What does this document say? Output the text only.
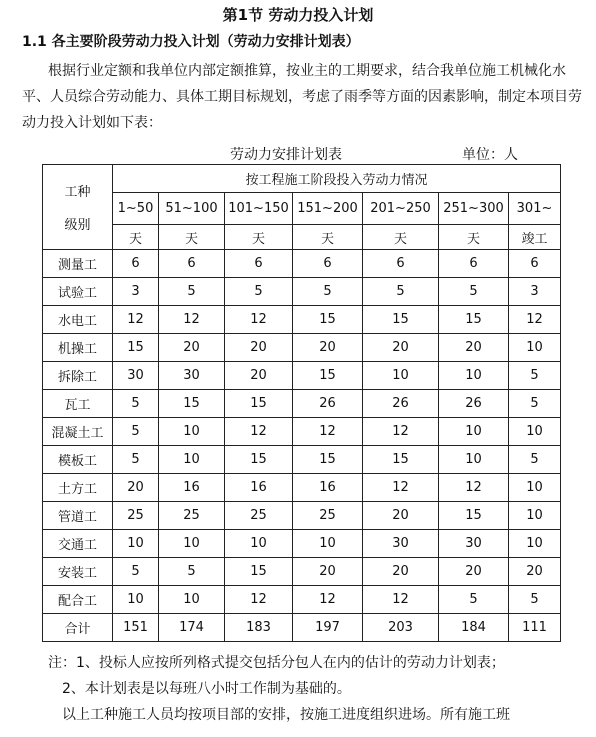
第1节 劳动力投入计划
1.1 各主要阶段劳动力投入计划（劳动力安排计划表）
根据行业定额和我单位内部定额推算，按业主的工期要求，结合我单位施工机械化水平、人员综合劳动能力、具体工期目标规划，考虑了雨季等方面的因素影响，制定本项目劳动力投入计划如下表：
劳动力安排计划表	单位：人
工种
级别	按工程施工阶段投入劳动力情况						
	1~50	51~100	101~150	151~200	201~250	251~300	301~
	天	天	天	天	天	天	竣工
测量工	6	6	6	6	6	6	6
试验工	3	5	5	5	5	5	3
水电工	12	12	12	15	15	15	12
机操工	15	20	20	20	20	20	10
拆除工	30	30	20	15	10	10	5
瓦工	5	15	15	26	26	26	5
混凝土工	5	10	12	12	12	10	10
模板工	5	10	15	15	15	10	5
土方工	20	16	16	16	12	12	10
管道工	25	25	25	25	20	15	10
交通工	10	10	10	10	30	30	10
安装工	5	5	15	20	20	20	20
配合工	10	10	12	12	12	5	5
合计	151	174	183	197	203	184	111
注：1、投标人应按所列格式提交包括分包人在内的估计的劳动力计划表；
2、本计划表是以每班八小时工作制为基础的。
以上工种施工人员均按项目部的安排，按施工进度组织进场。所有施工班
